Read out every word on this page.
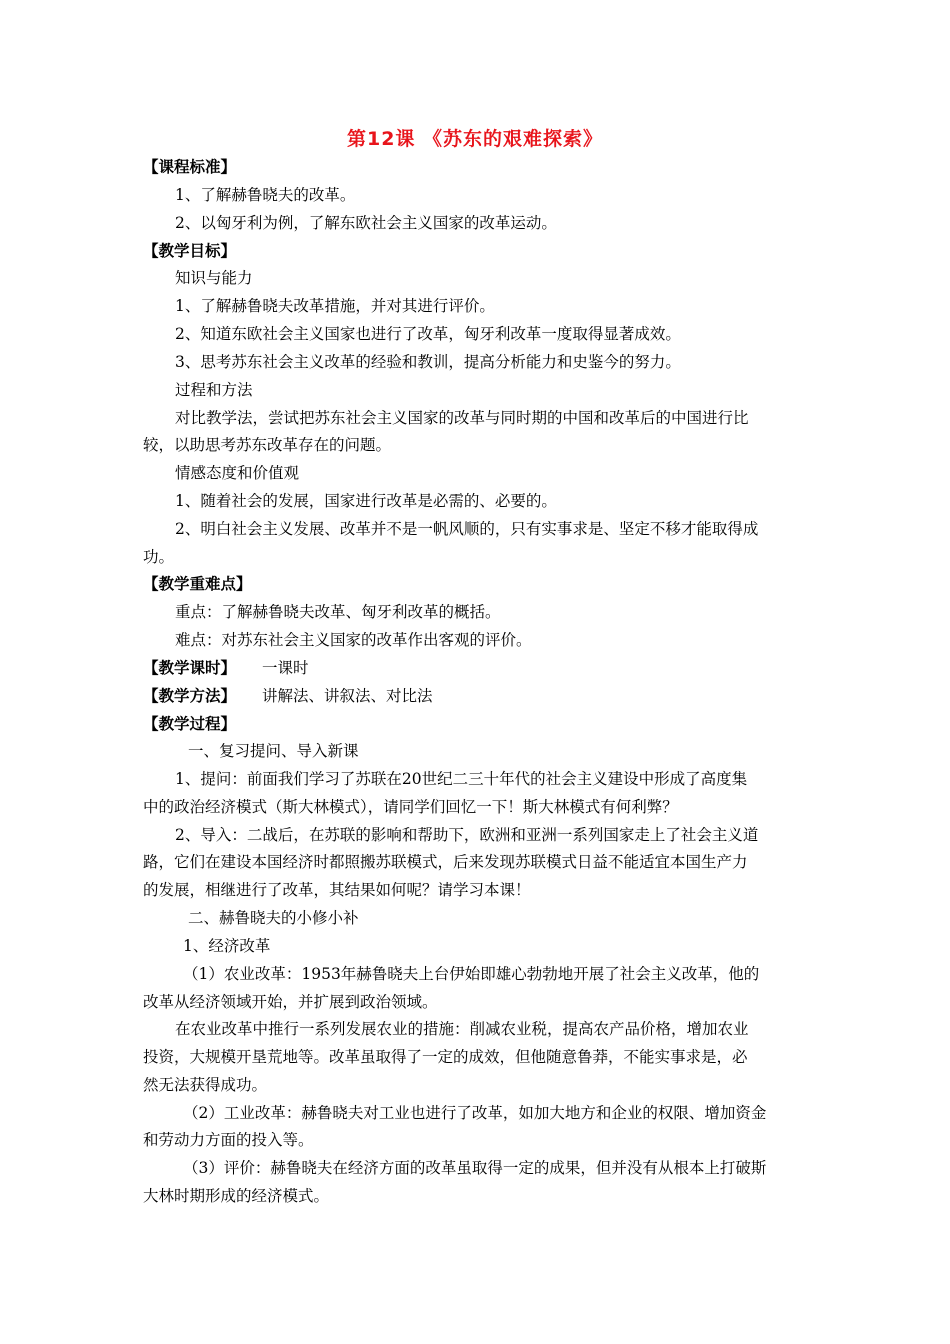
第12课 《苏东的艰难探索》
【课程标准】
1、了解赫鲁晓夫的改革。
2、以匈牙利为例，了解东欧社会主义国家的改革运动。
【教学目标】
知识与能力
1、了解赫鲁晓夫改革措施，并对其进行评价。
2、知道东欧社会主义国家也进行了改革，匈牙利改革一度取得显著成效。
3、思考苏东社会主义改革的经验和教训，提高分析能力和史鉴今的努力。
过程和方法
对比教学法，尝试把苏东社会主义国家的改革与同时期的中国和改革后的中国进行比
较，以助思考苏东改革存在的问题。
情感态度和价值观
1、随着社会的发展，国家进行改革是必需的、必要的。
2、明白社会主义发展、改革并不是一帆风顺的，只有实事求是、坚定不移才能取得成
功。
【教学重难点】
重点：了解赫鲁晓夫改革、匈牙利改革的概括。
难点：对苏东社会主义国家的改革作出客观的评价。
【教学课时】 一课时
【教学方法】 讲解法、讲叙法、对比法
【教学过程】
一、复习提问、导入新课
1、提问：前面我们学习了苏联在20世纪二三十年代的社会主义建设中形成了高度集
中的政治经济模式（斯大林模式），请同学们回忆一下！斯大林模式有何利弊？
2、导入：二战后，在苏联的影响和帮助下，欧洲和亚洲一系列国家走上了社会主义道
路，它们在建设本国经济时都照搬苏联模式，后来发现苏联模式日益不能适宜本国生产力
的发展，相继进行了改革，其结果如何呢？请学习本课！
二、赫鲁晓夫的小修小补
1、经济改革
（1）农业改革：1953年赫鲁晓夫上台伊始即雄心勃勃地开展了社会主义改革，他的
改革从经济领域开始，并扩展到政治领域。
在农业改革中推行一系列发展农业的措施：削减农业税，提高农产品价格，增加农业
投资，大规模开垦荒地等。改革虽取得了一定的成效，但他随意鲁莽，不能实事求是，必
然无法获得成功。
（2）工业改革：赫鲁晓夫对工业也进行了改革，如加大地方和企业的权限、增加资金
和劳动力方面的投入等。
（3）评价：赫鲁晓夫在经济方面的改革虽取得一定的成果，但并没有从根本上打破斯
大林时期形成的经济模式。
